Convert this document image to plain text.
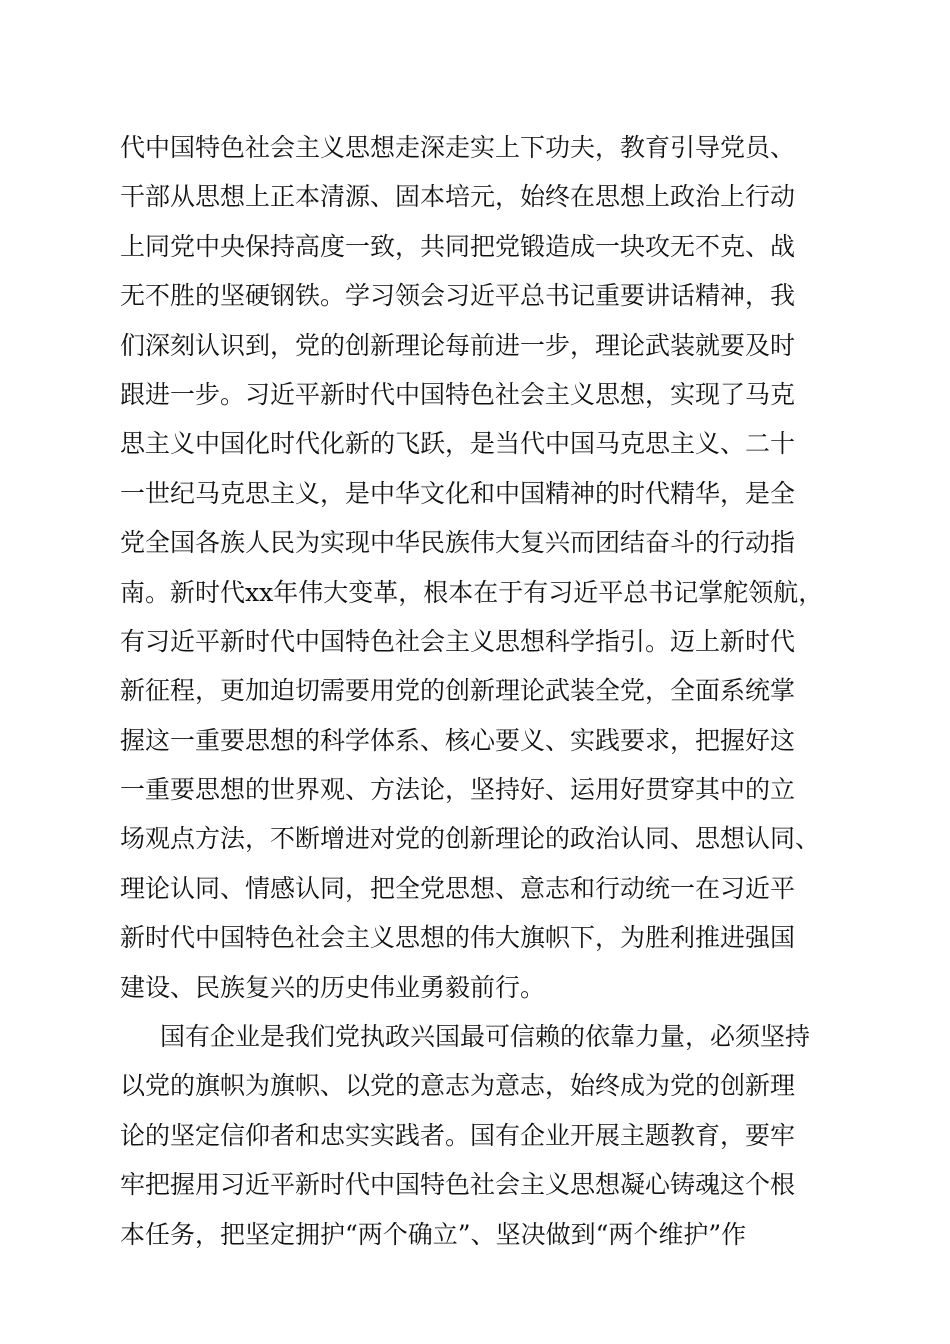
代中国特色社会主义思想走深走实上下功夫，教育引导党员、
干部从思想上正本清源、固本培元，始终在思想上政治上行动
上同党中央保持高度一致，共同把党锻造成一块攻无不克、战
无不胜的坚硬钢铁。学习领会习近平总书记重要讲话精神，我
们深刻认识到，党的创新理论每前进一步，理论武装就要及时
跟进一步。习近平新时代中国特色社会主义思想，实现了马克
思主义中国化时代化新的飞跃，是当代中国马克思主义、二十
一世纪马克思主义，是中华文化和中国精神的时代精华，是全
党全国各族人民为实现中华民族伟大复兴而团结奋斗的行动指
南。新时代xx年伟大变革，根本在于有习近平总书记掌舵领航，
有习近平新时代中国特色社会主义思想科学指引。迈上新时代
新征程，更加迫切需要用党的创新理论武装全党，全面系统掌
握这一重要思想的科学体系、核心要义、实践要求，把握好这
一重要思想的世界观、方法论，坚持好、运用好贯穿其中的立
场观点方法，不断增进对党的创新理论的政治认同、思想认同、
理论认同、情感认同，把全党思想、意志和行动统一在习近平
新时代中国特色社会主义思想的伟大旗帜下，为胜利推进强国
建设、民族复兴的历史伟业勇毅前行。
国有企业是我们党执政兴国最可信赖的依靠力量，必须坚持
以党的旗帜为旗帜、以党的意志为意志，始终成为党的创新理
论的坚定信仰者和忠实实践者。国有企业开展主题教育，要牢
牢把握用习近平新时代中国特色社会主义思想凝心铸魂这个根
本任务，把坚定拥护“两个确立”、坚决做到“两个维护”作
